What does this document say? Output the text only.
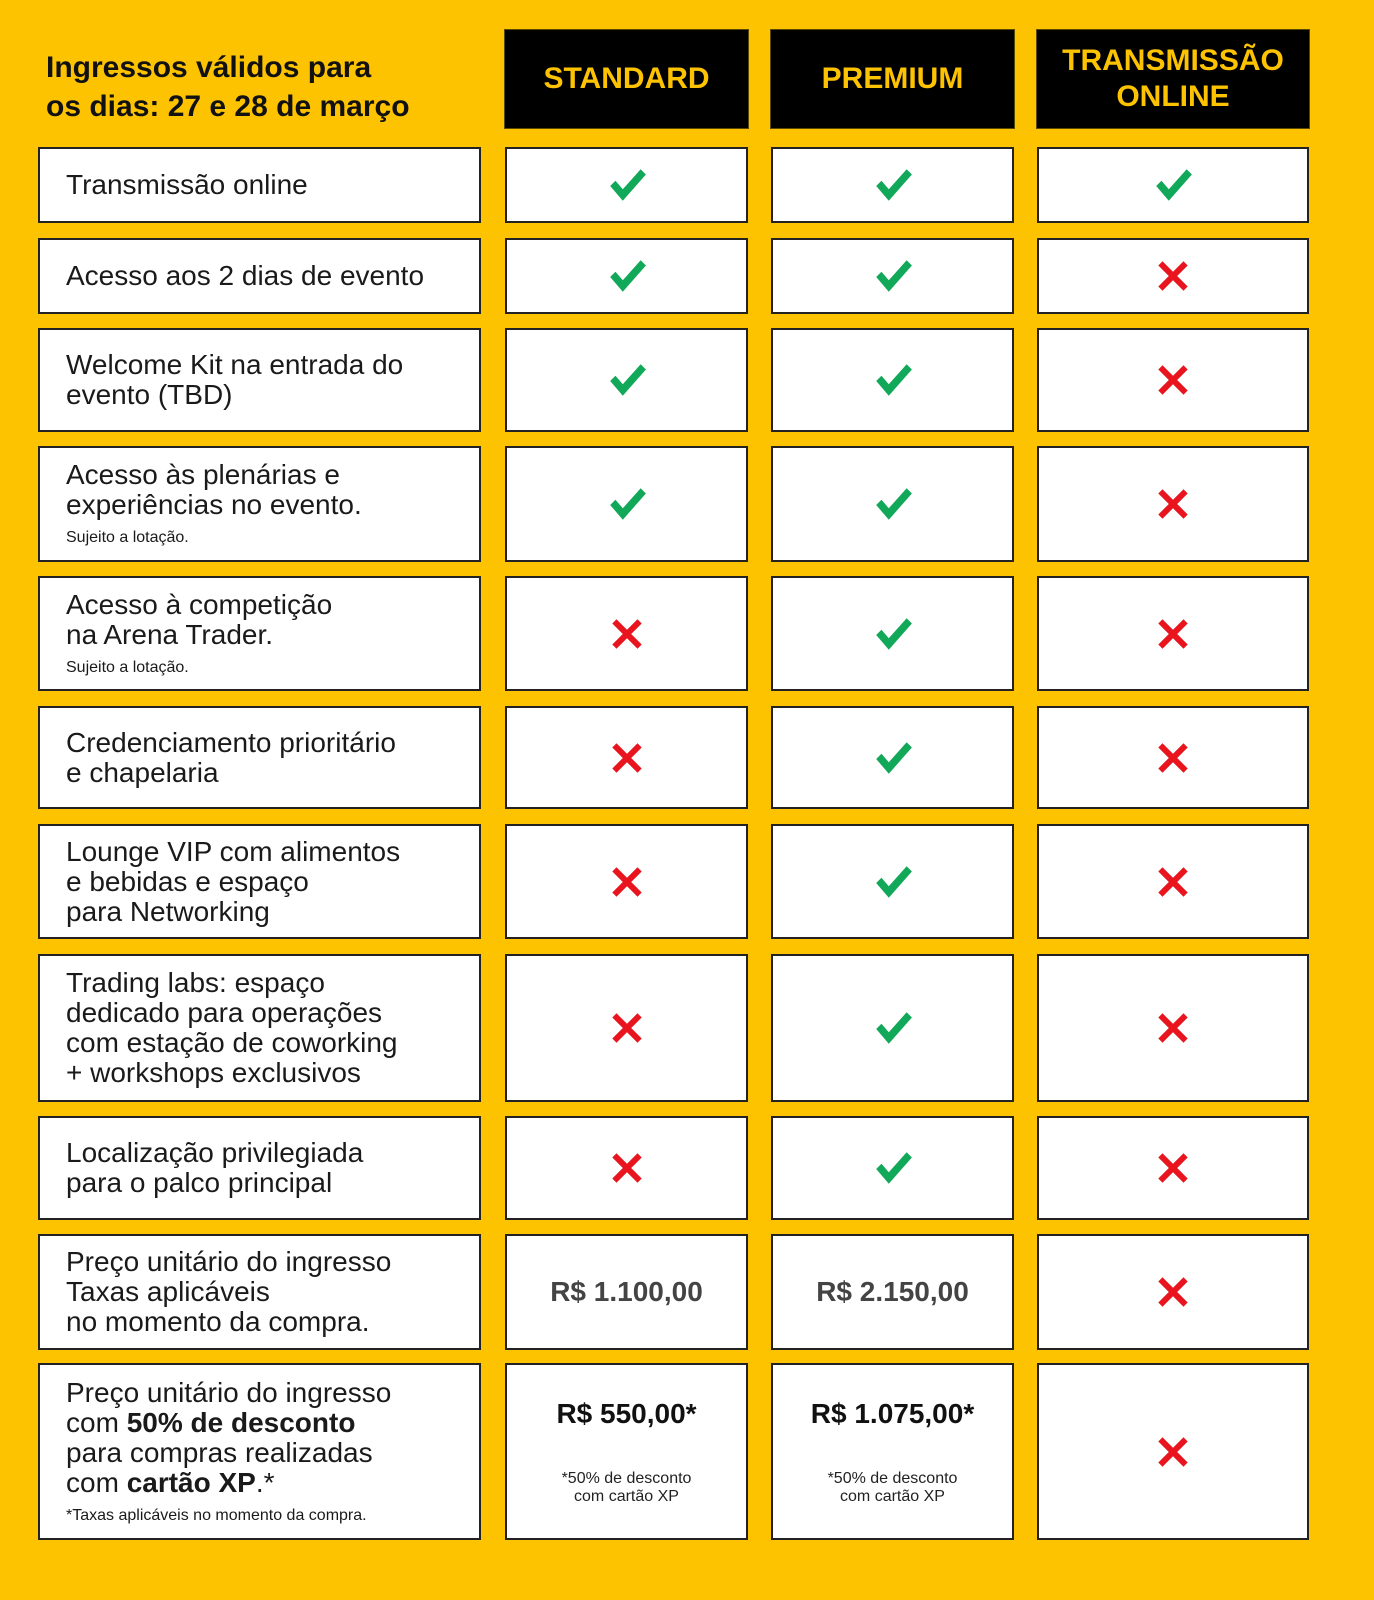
Ingressos válidos para
os dias: 27 e 28 de março
STANDARD	PREMIUM
TRANSMISSÃO
ONLINE
Transmissão online
Acesso aos 2 dias de evento
Welcome Kit na entrada do
evento (TBD)
Acesso às plenárias e
experiências no evento.
Sujeito a lotação.
Acesso à competição
na Arena Trader.
Sujeito a lotação.
Credenciamento prioritário
e chapelaria
Lounge VIP com alimentos
e bebidas e espaço
para Networking
Trading labs: espaço
dedicado para operações
com estação de coworking
+ workshops exclusivos
Localização privilegiada
para o palco principal
Preço unitário do ingresso
Taxas aplicáveis
no momento da compra.
R$ 1.100,00	R$ 2.150,00
Preço unitário do ingresso
com 50% de desconto
para compras realizadas
com cartão XP.*
*Taxas aplicáveis no momento da compra.
R$ 550,00*
*50% de desconto
com cartão XP
R$ 1.075,00*
*50% de desconto
com cartão XP
